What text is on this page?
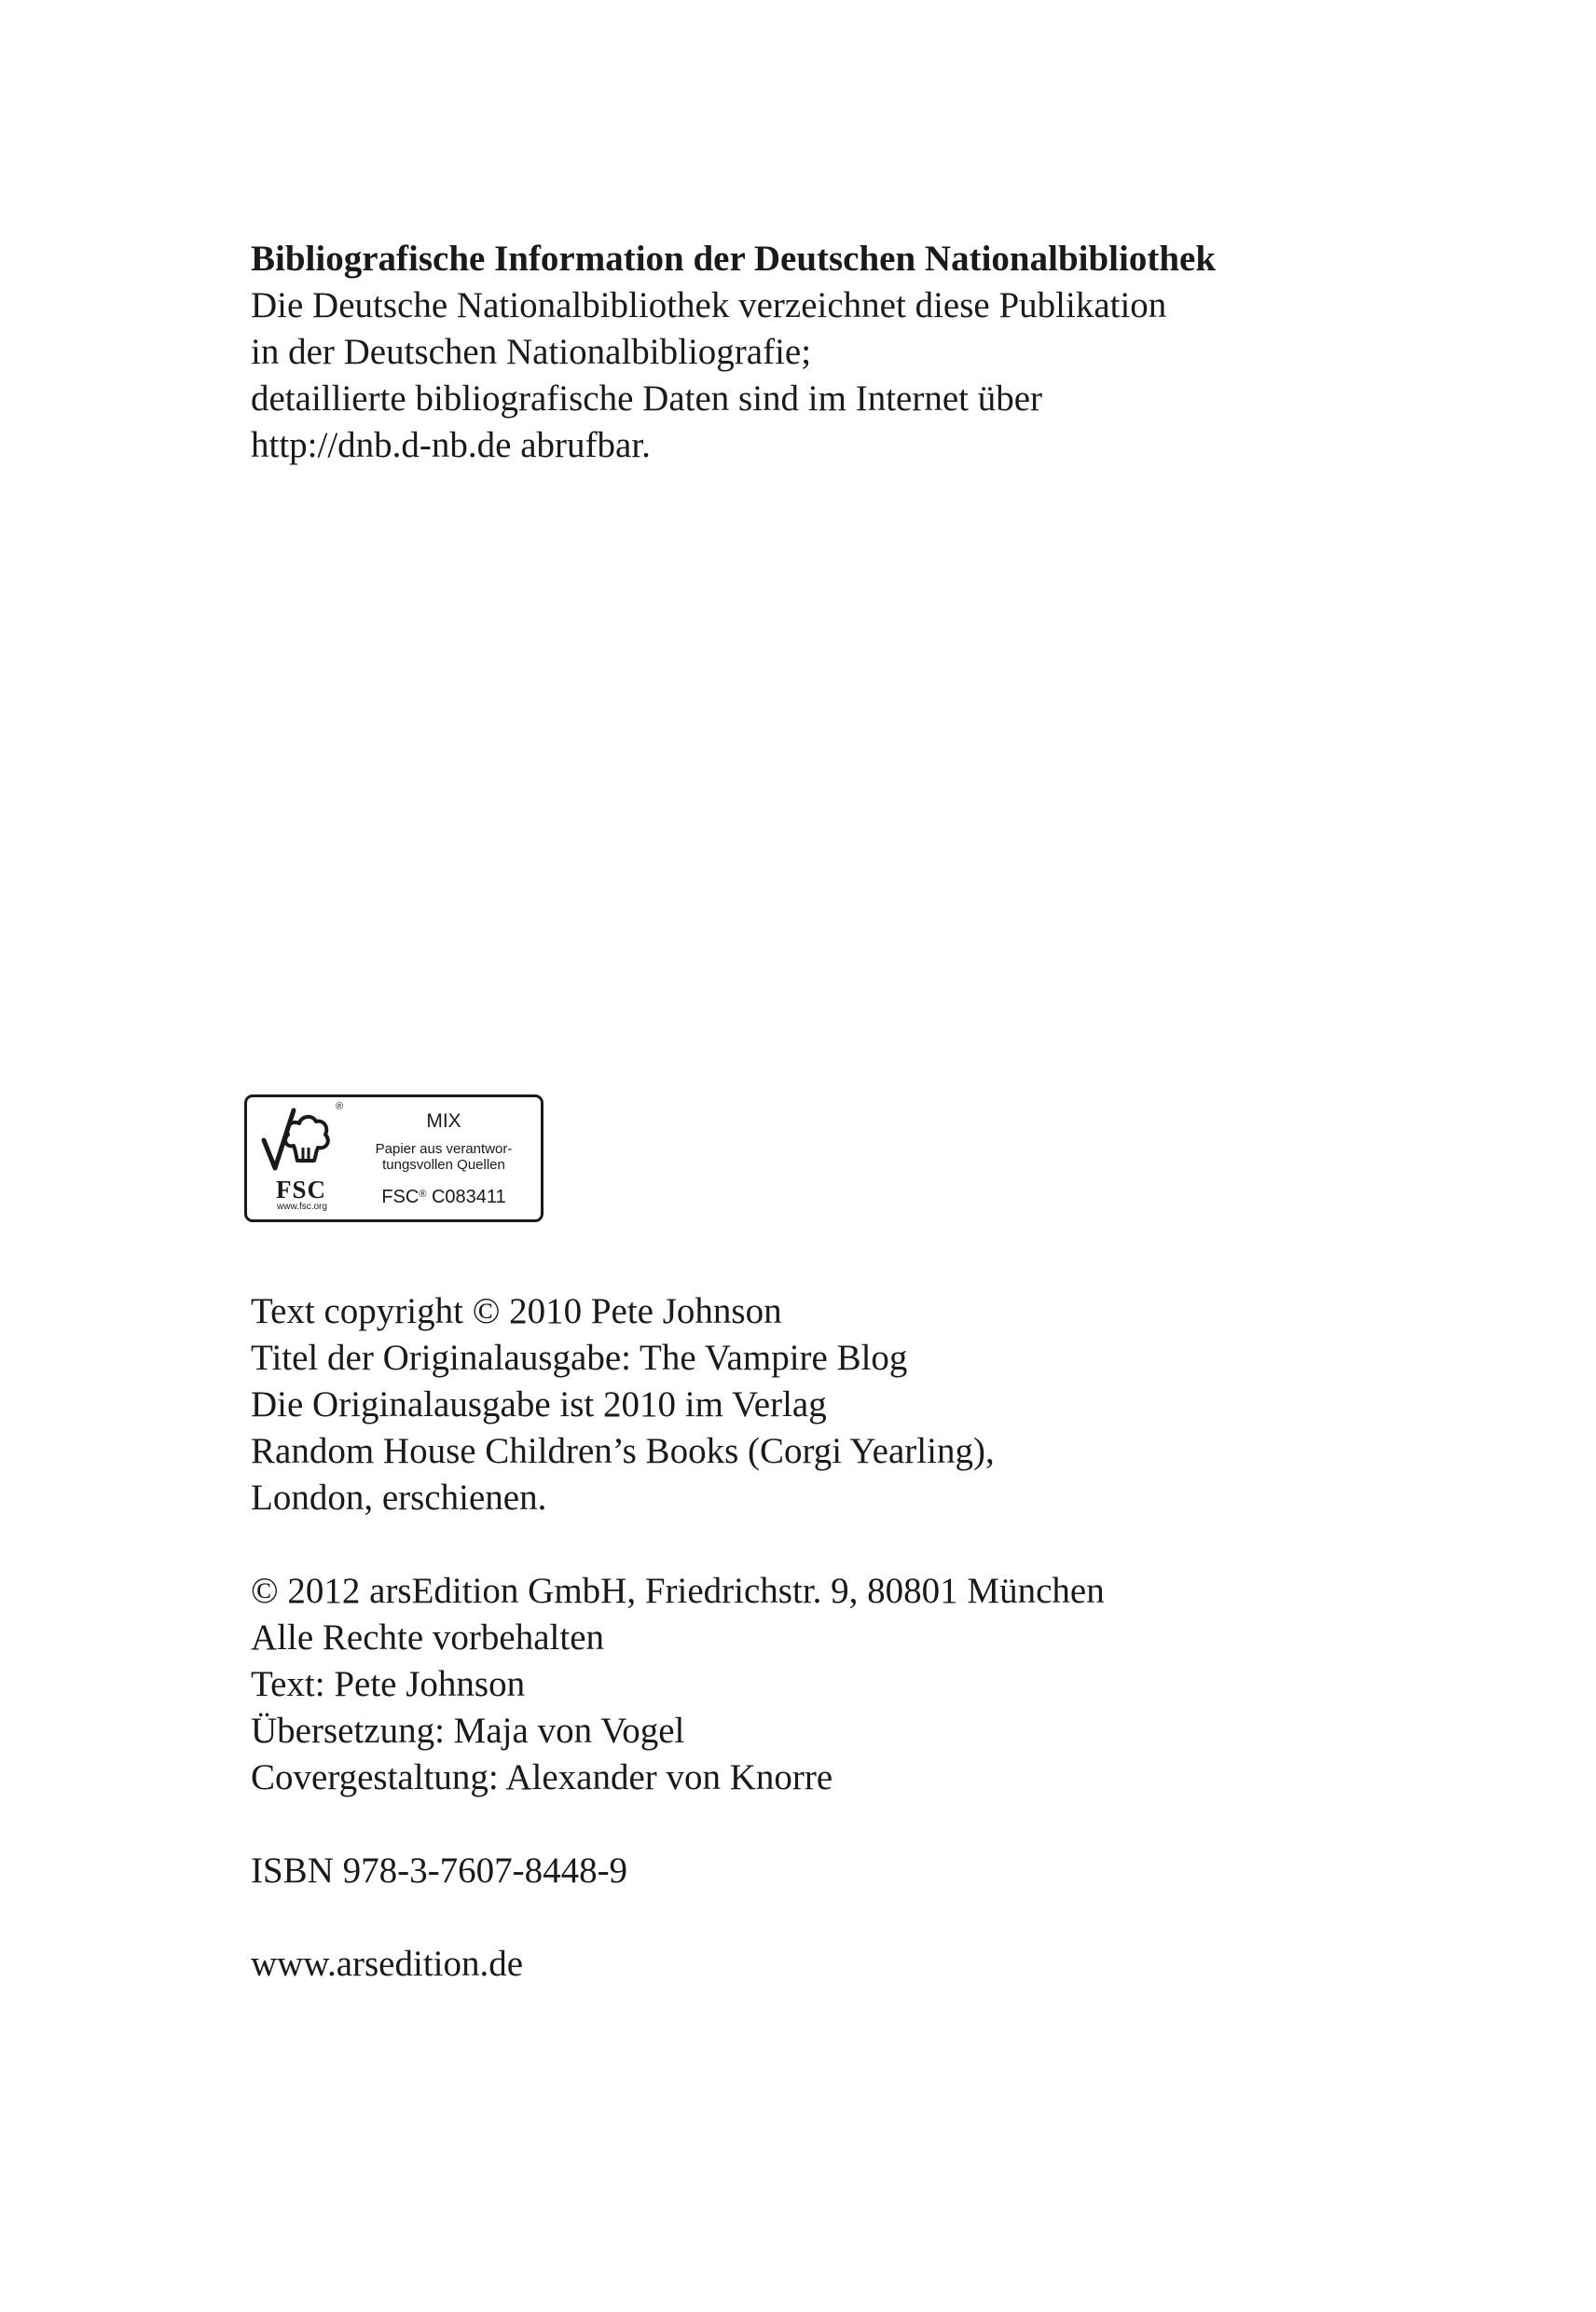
Bibliografische Information der Deutschen Nationalbibliothek

Die Deutsche Nationalbibliothek verzeichnet diese Publikation

in der Deutschen Nationalbibliografie;

detaillierte bibliografische Daten sind im Internet über

http://dnb.d-nb.de abrufbar.

®
FSC
www.fsc.org
MIX
Papier aus verantwor-
tungsvollen Quellen
FSC® C083411

Text copyright © 2010 Pete Johnson

Titel der Originalausgabe: The Vampire Blog

Die Originalausgabe ist 2010 im Verlag

Random House Children’s Books (Corgi Yearling),

London, erschienen.

© 2012 arsEdition GmbH, Friedrichstr. 9, 80801 München

Alle Rechte vorbehalten

Text: Pete Johnson

Übersetzung: Maja von Vogel

Covergestaltung: Alexander von Knorre

ISBN 978-3-7607-8448-9

www.arsedition.de
